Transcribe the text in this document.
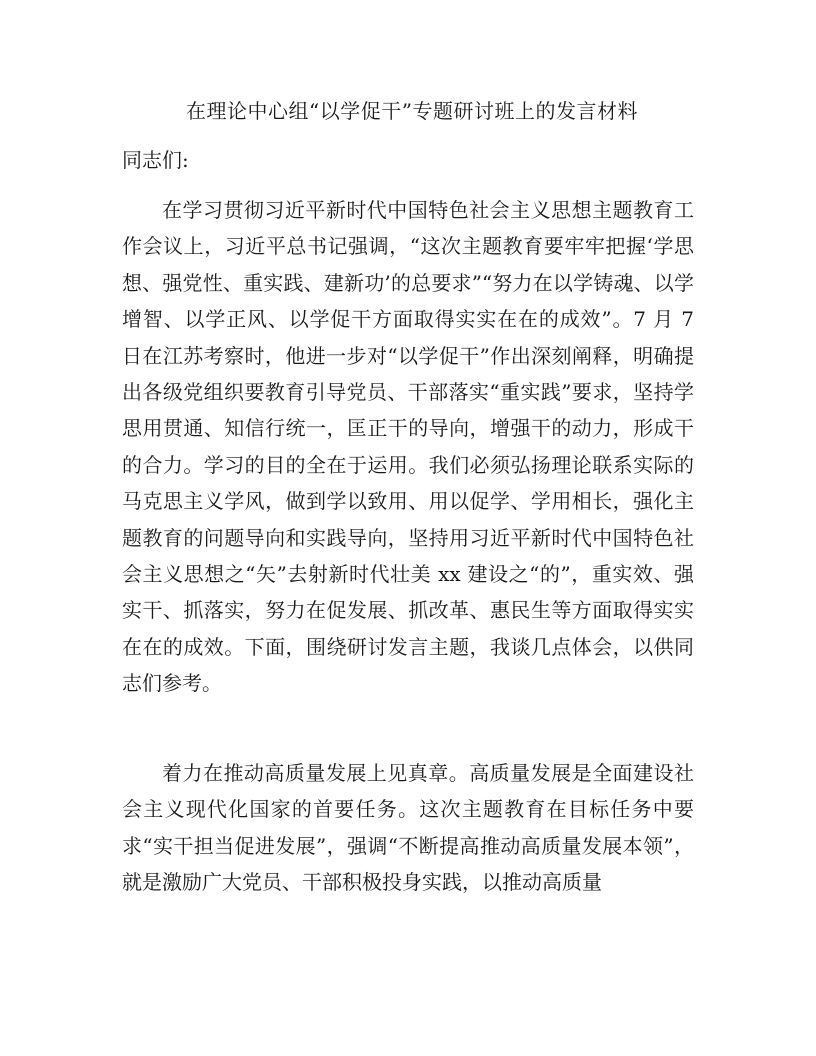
在理论中心组“以学促干”专题研讨班上的发言材料
同志们:

在学习贯彻习近平新时代中国特色社会主义思想主题教育工作会议上，习近平总书记强调，“这次主题教育要牢牢把握‘学思想、强党性、重实践、建新功’的总要求”“努力在以学铸魂、以学增智、以学正风、以学促干方面取得实实在在的成效”。7 月 7 日在江苏考察时，他进一步对“以学促干”作出深刻阐释，明确提出各级党组织要教育引导党员、干部落实“重实践”要求，坚持学思用贯通、知信行统一，匡正干的导向，增强干的动力，形成干的合力。学习的目的全在于运用。我们必须弘扬理论联系实际的马克思主义学风，做到学以致用、用以促学、学用相长，强化主题教育的问题导向和实践导向，坚持用习近平新时代中国特色社会主义思想之“矢”去射新时代壮美 xx 建设之“的”，重实效、强实干、抓落实，努力在促发展、抓改革、惠民生等方面取得实实在在的成效。下面，围绕研讨发言主题，我谈几点体会，以供同志们参考。

着力在推动高质量发展上见真章。高质量发展是全面建设社会主义现代化国家的首要任务。这次主题教育在目标任务中要求“实干担当促进发展”，强调“不断提高推动高质量发展本领”，就是激励广大党员、干部积极投身实践，以推动高质量
